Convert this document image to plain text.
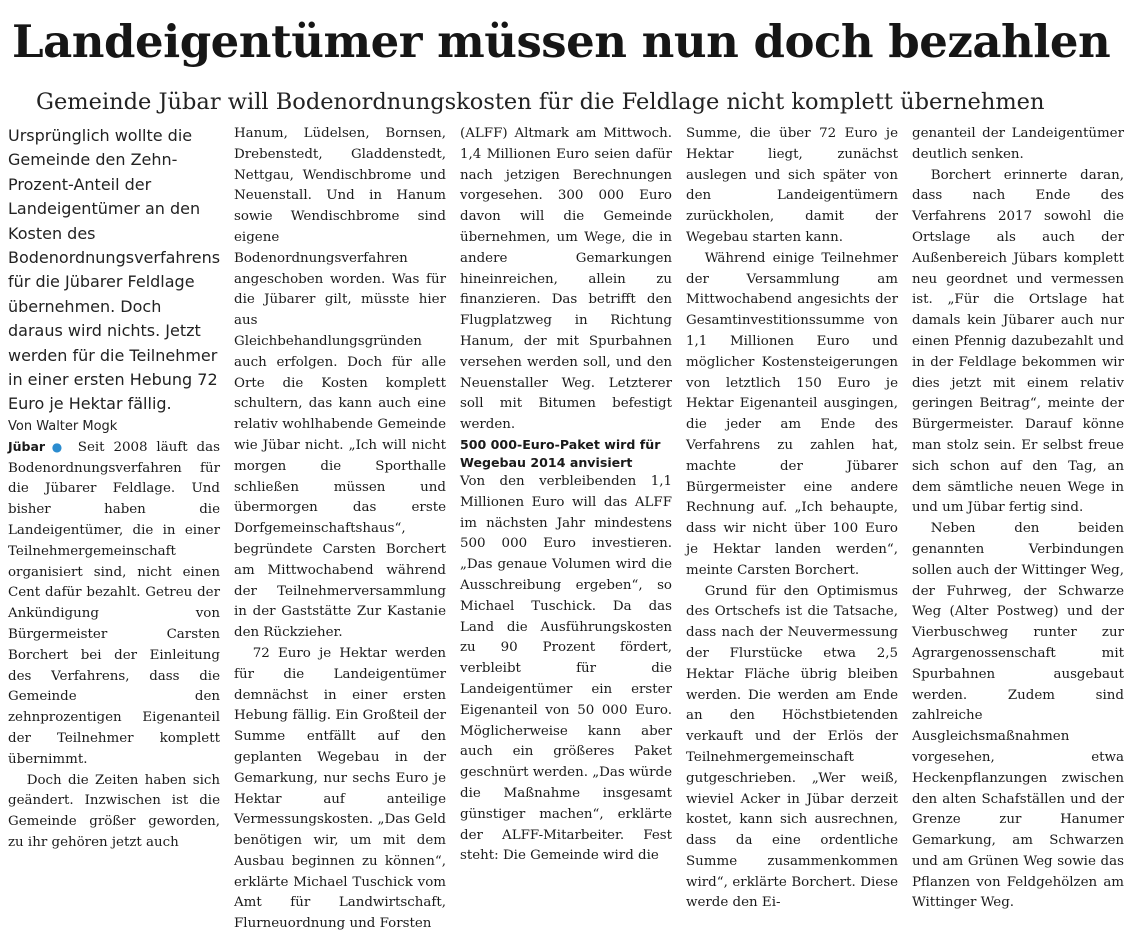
Landeigentümer müssen nun doch bezahlen
Gemeinde Jübar will Bodenordnungskosten für die Feldlage nicht komplett übernehmen

Ursprünglich wollte die Gemeinde den Zehn-Prozent-Anteil der Landeigentümer an den Kosten des Bodenordnungsverfahrens für die Jübarer Feldlage übernehmen. Doch daraus wird nichts. Jetzt werden für die Teilnehmer in einer ersten Hebung 72 Euro je Hektar fällig.

Von Walter Mogk

Jübar ● Seit 2008 läuft das Bodenordnungsverfahren für die Jübarer Feldlage. Und bisher haben die Landeigentümer, die in einer Teilnehmergemeinschaft organisiert sind, nicht einen Cent dafür bezahlt. Getreu der Ankündigung von Bürgermeister Carsten Borchert bei der Einleitung des Verfahrens, dass die Gemeinde den zehnprozentigen Eigenanteil der Teilnehmer komplett übernimmt.

Doch die Zeiten haben sich geändert. Inzwischen ist die Gemeinde größer geworden, zu ihr gehören jetzt auch

Hanum, Lüdelsen, Bornsen, Drebenstedt, Gladdenstedt, Nettgau, Wendischbrome und Neuenstall. Und in Hanum sowie Wendischbrome sind eigene Bodenordnungsverfahren angeschoben worden. Was für die Jübarer gilt, müsste hier aus Gleichbehandlungsgründen auch erfolgen. Doch für alle Orte die Kosten komplett schultern, das kann auch eine relativ wohlhabende Gemeinde wie Jübar nicht. „Ich will nicht morgen die Sporthalle schließen müssen und übermorgen das erste Dorfgemeinschaftshaus“, begründete Carsten Borchert am Mittwochabend während der Teilnehmerversammlung in der Gaststätte Zur Kastanie den Rückzieher.

72 Euro je Hektar werden für die Landeigentümer demnächst in einer ersten Hebung fällig. Ein Großteil der Summe entfällt auf den geplanten Wegebau in der Gemarkung, nur sechs Euro je Hektar auf anteilige Vermessungskosten. „Das Geld benötigen wir, um mit dem Ausbau beginnen zu können“, erklärte Michael Tuschick vom Amt für Landwirtschaft, Flurneuordnung und Forsten

(ALFF) Altmark am Mittwoch. 1,4 Millionen Euro seien dafür nach jetzigen Berechnungen vorgesehen. 300 000 Euro davon will die Gemeinde übernehmen, um Wege, die in andere Gemarkungen hineinreichen, allein zu finanzieren. Das betrifft den Flugplatzweg in Richtung Hanum, der mit Spurbahnen versehen werden soll, und den Neuenstaller Weg. Letzterer soll mit Bitumen befestigt werden.

500 000-Euro-Paket wird für Wegebau 2014 anvisiert

Von den verbleibenden 1,1 Millionen Euro will das ALFF im nächsten Jahr mindestens 500 000 Euro investieren. „Das genaue Volumen wird die Ausschreibung ergeben“, so Michael Tuschick. Da das Land die Ausführungskosten zu 90 Prozent fördert, verbleibt für die Landeigentümer ein erster Eigenanteil von 50 000 Euro. Möglicherweise kann aber auch ein größeres Paket geschnürt werden. „Das würde die Maßnahme insgesamt günstiger machen“, erklärte der ALFF-Mitarbeiter. Fest steht: Die Gemeinde wird die

Summe, die über 72 Euro je Hektar liegt, zunächst auslegen und sich später von den Landeigentümern zurückholen, damit der Wegebau starten kann.

Während einige Teilnehmer der Versammlung am Mittwochabend angesichts der Gesamtinvestitionssumme von 1,1 Millionen Euro und möglicher Kostensteigerungen von letztlich 150 Euro je Hektar Eigenanteil ausgingen, die jeder am Ende des Verfahrens zu zahlen hat, machte der Jübarer Bürgermeister eine andere Rechnung auf. „Ich behaupte, dass wir nicht über 100 Euro je Hektar landen werden“, meinte Carsten Borchert.

Grund für den Optimismus des Ortschefs ist die Tatsache, dass nach der Neuvermessung der Flurstücke etwa 2,5 Hektar Fläche übrig bleiben werden. Die werden am Ende an den Höchstbietenden verkauft und der Erlös der Teilnehmergemeinschaft gutgeschrieben. „Wer weiß, wieviel Acker in Jübar derzeit kostet, kann sich ausrechnen, dass da eine ordentliche Summe zusammenkommen wird“, erklärte Borchert. Diese werde den Ei-

genanteil der Landeigentümer deutlich senken.

Borchert erinnerte daran, dass nach Ende des Verfahrens 2017 sowohl die Ortslage als auch der Außenbereich Jübars komplett neu geordnet und vermessen ist. „Für die Ortslage hat damals kein Jübarer auch nur einen Pfennig dazubezahlt und in der Feldlage bekommen wir dies jetzt mit einem relativ geringen Beitrag“, meinte der Bürgermeister. Darauf könne man stolz sein. Er selbst freue sich schon auf den Tag, an dem sämtliche neuen Wege in und um Jübar fertig sind.

Neben den beiden genannten Verbindungen sollen auch der Wittinger Weg, der Fuhrweg, der Schwarze Weg (Alter Postweg) und der Vierbuschweg runter zur Agrargenossenschaft mit Spurbahnen ausgebaut werden. Zudem sind zahlreiche Ausgleichsmaßnahmen vorgesehen, etwa Heckenpflanzungen zwischen den alten Schafställen und der Grenze zur Hanumer Gemarkung, am Schwarzen und am Grünen Weg sowie das Pflanzen von Feldgehölzen am Wittinger Weg.
